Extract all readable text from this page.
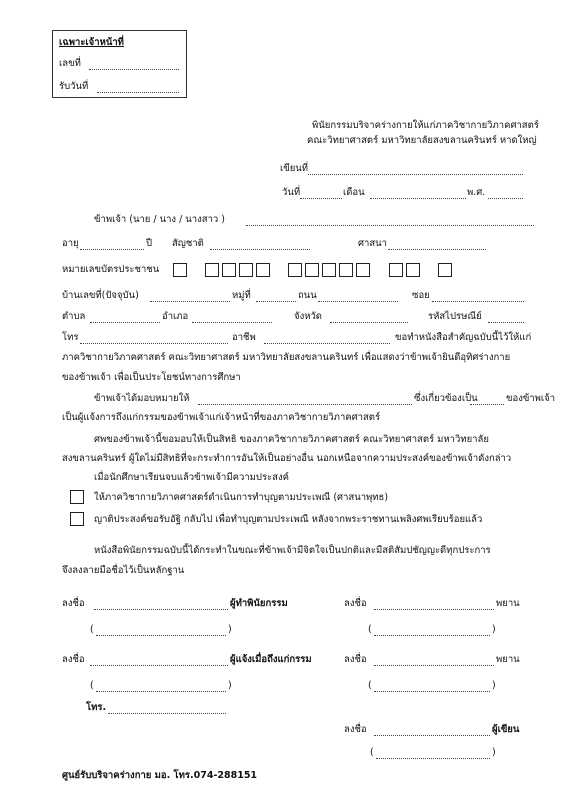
เฉพาะเจ้าหน้าที่
เลขที่
รับวันที่
พินัยกรรมบริจาคร่างกายให้แก่ภาควิชากายวิภาคศาสตร์
คณะวิทยาศาสตร์ มหาวิทยาลัยสงขลานครินทร์ หาดใหญ่
เขียนที่
วันที่	เดือน	พ.ศ.
ข้าพเจ้า (นาย / นาง / นางสาว )
อายุ	ปี สัญชาติ	ศาสนา
หมายเลขบัตรประชาชน

บ้านเลขที่(ปัจจุบัน)	หมู่ที่	ถนน	ซอย
ตำบล	อำเภอ	จังหวัด	รหัสไปรษณีย์
โทร	อาชีพ	ขอทำหนังสือสำคัญฉบับนี้ไว้ให้แก่
ภาควิชากายวิภาคศาสตร์ คณะวิทยาศาสตร์ มหาวิทยาลัยสงขลานครินทร์ เพื่อแสดงว่าข้าพเจ้ายินดีอุทิศร่างกาย
ของข้าพเจ้า เพื่อเป็นประโยชน์ทางการศึกษา
ข้าพเจ้าได้มอบหมายให้	ซึ่งเกี่ยวข้องเป็น	ของข้าพเจ้า
เป็นผู้แจ้งการถึงแก่กรรมของข้าพเจ้าแก่เจ้าหน้าที่ของภาควิชากายวิภาคศาสตร์
ศพของข้าพเจ้านี้ขอมอบให้เป็นสิทธิ ของภาควิชากายวิภาคศาสตร์ คณะวิทยาศาสตร์ มหาวิทยาลัย
สงขลานครินทร์ ผู้ใดไม่มีสิทธิที่จะกระทำการอันให้เป็นอย่างอื่น นอกเหนือจากความประสงค์ของข้าพเจ้าดังกล่าว
เมื่อนักศึกษาเรียนจบแล้วข้าพเจ้ามีความประสงค์
ให้ภาควิชากายวิภาคศาสตร์ดำเนินการทำบุญตามประเพณี (ศาสนาพุทธ)
ญาติประสงค์ขอรับอัฐิ กลับไป เพื่อทำบุญตามประเพณี หลังจากพระราชทานเพลิงศพเรียบร้อยแล้ว
หนังสือพินัยกรรมฉบับนี้ได้กระทำในขณะที่ข้าพเจ้ามีจิตใจเป็นปกติและมีสติสัมปชัญญะดีทุกประการ
จึงลงลายมือชื่อไว้เป็นหลักฐาน
ลงชื่อ	ผู้ทำพินัยกรรม	ลงชื่อ	พยาน
(	)	(	)
ลงชื่อ	ผู้แจ้งเมื่อถึงแก่กรรม	ลงชื่อ	พยาน
(	)	(	)
โทร.
ลงชื่อ	ผู้เขียน
(	)
ศูนย์รับบริจาคร่างกาย มอ. โทร.074-288151
